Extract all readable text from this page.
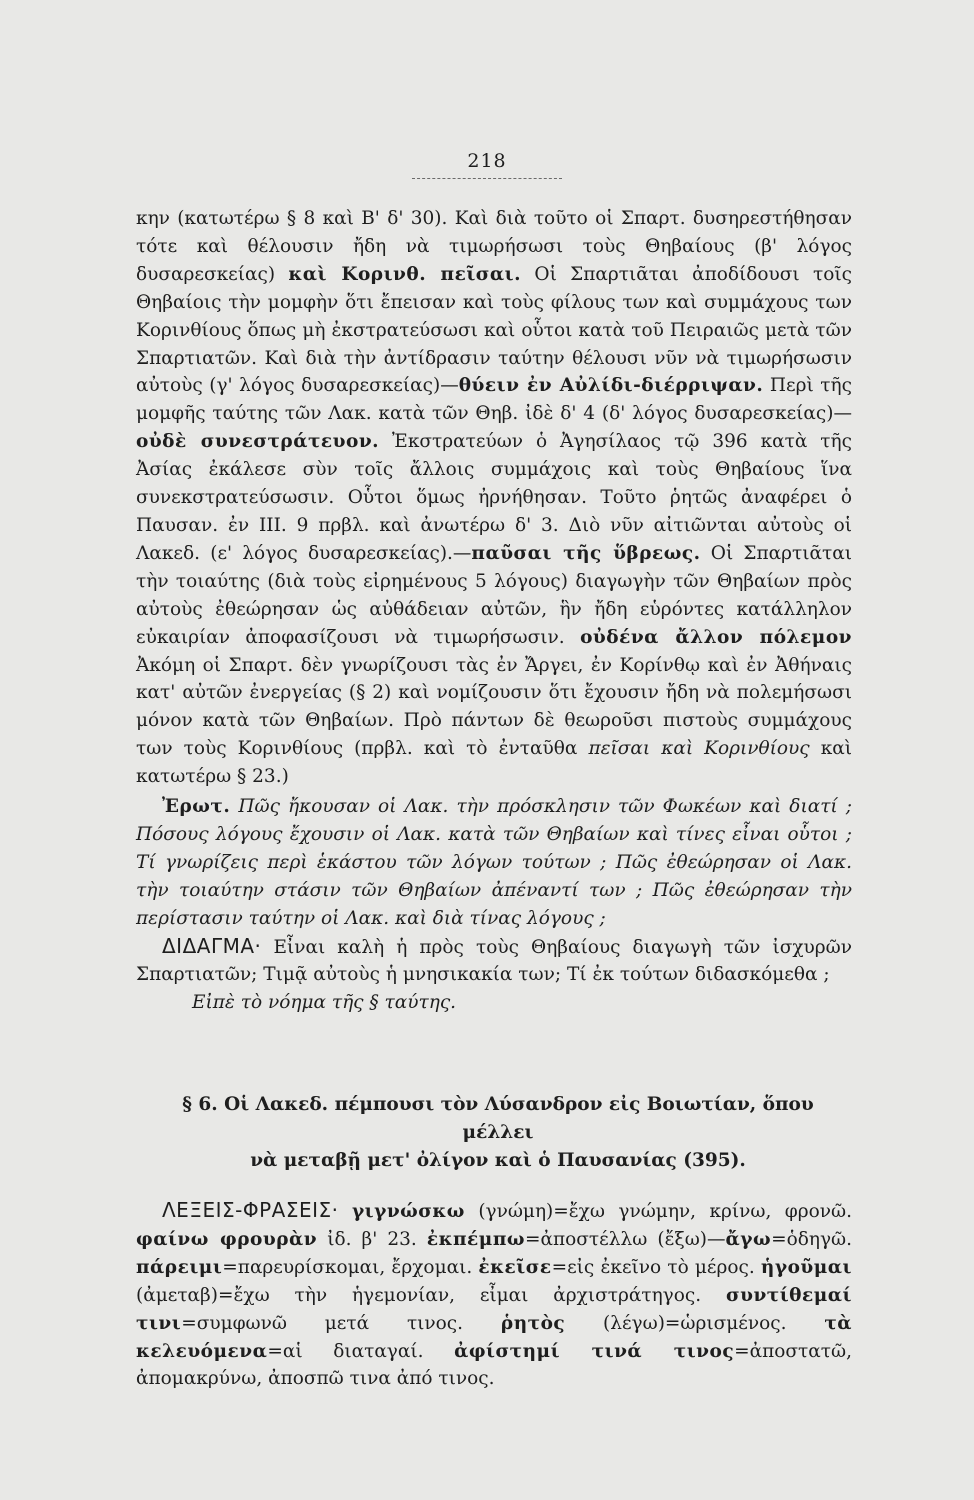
218

κην (κατωτέρω § 8 καὶ Β' δ' 30). Καὶ διὰ τοῦτο οἱ Σπαρτ. δυσηρεστήθησαν τότε καὶ θέλουσιν ἤδη νὰ τιμωρήσωσι τοὺς Θηβαίους (β' λόγος δυσαρεσκείας) καὶ Κορινθ. πεῖσαι. Οἱ Σπαρτιᾶται ἀποδίδουσι τοῖς Θηβαίοις τὴν μομφὴν ὅτι ἔπεισαν καὶ τοὺς φίλους των καὶ συμμάχους των Κορινθίους ὅπως μὴ ἐκστρατεύσωσι καὶ οὗτοι κατὰ τοῦ Πειραιῶς μετὰ τῶν Σπαρτιατῶν. Καὶ διὰ τὴν ἀντίδρασιν ταύτην θέλουσι νῦν νὰ τιμωρήσωσιν αὐτοὺς (γ' λόγος δυσαρεσκείας)—θύειν ἐν Αὐλίδι-διέρριψαν. Περὶ τῆς μομφῆς ταύτης τῶν Λακ. κατὰ τῶν Θηβ. ἰδὲ δ' 4 (δ' λόγος δυσαρεσκείας)—οὐδὲ συνεστράτευον. Ἐκστρατεύων ὁ Ἀγησίλαος τῷ 396 κατὰ τῆς Ἀσίας ἐκάλεσε σὺν τοῖς ἄλλοις συμμάχοις καὶ τοὺς Θηβαίους ἵνα συνεκστρατεύσωσιν. Οὗτοι ὅμως ἠρνήθησαν. Τοῦτο ῥητῶς ἀναφέρει ὁ Παυσαν. ἐν ΙΙΙ. 9 πρβλ. καὶ ἀνωτέρω δ' 3. Διὸ νῦν αἰτιῶνται αὐτοὺς οἱ Λακεδ. (ε' λόγος δυσαρεσκείας).—παῦσαι τῆς ὕβρεως. Οἱ Σπαρτιᾶται τὴν τοιαύτης (διὰ τοὺς εἰρημένους 5 λόγους) διαγωγὴν τῶν Θηβαίων πρὸς αὐτοὺς ἐθεώρησαν ὡς αὐθάδειαν αὐτῶν, ἣν ἤδη εὑρόντες κατάλληλον εὐκαιρίαν ἀποφασίζουσι νὰ τιμωρήσωσιν. οὐδένα ἄλλον πόλεμον Ἀκόμη οἱ Σπαρτ. δὲν γνωρίζουσι τὰς ἐν Ἄργει, ἐν Κορίνθῳ καὶ ἐν Ἀθήναις κατ' αὐτῶν ἐνεργείας (§ 2) καὶ νομίζουσιν ὅτι ἔχουσιν ἤδη νὰ πολεμήσωσι μόνον κατὰ τῶν Θηβαίων. Πρὸ πάντων δὲ θεωροῦσι πιστοὺς συμμάχους των τοὺς Κορινθίους (πρβλ. καὶ τὸ ἐνταῦθα πεῖσαι καὶ Κορινθίους καὶ κατωτέρω § 23.)

Ἐρωτ. Πῶς ἤκουσαν οἱ Λακ. τὴν πρόσκλησιν τῶν Φωκέων καὶ διατί ; Πόσους λόγους ἔχουσιν οἱ Λακ. κατὰ τῶν Θηβαίων καὶ τίνες εἶναι οὗτοι ; Τί γνωρίζεις περὶ ἑκάστου τῶν λόγων τούτων ; Πῶς ἐθεώρησαν οἱ Λακ. τὴν τοιαύτην στάσιν τῶν Θηβαίων ἀπέναντί των ; Πῶς ἐθεώρησαν τὴν περίστασιν ταύτην οἱ Λακ. καὶ διὰ τίνας λόγους ;

ΔΙΔΑΓΜΑ· Εἶναι καλὴ ἡ πρὸς τοὺς Θηβαίους διαγωγὴ τῶν ἰσχυρῶν Σπαρτιατῶν; Τιμᾷ αὐτοὺς ἡ μνησικακία των; Τί ἐκ τούτων διδασκόμεθα ;

Εἰπὲ τὸ νόημα τῆς § ταύτης.

§ 6. Οἱ Λακεδ. πέμπουσι τὸν Λύσανδρον εἰς Βοιωτίαν, ὅπου μέλλει
νὰ μεταβῇ μετ' ὀλίγον καὶ ὁ Παυσανίας (395).

ΛΕΞΕΙΣ-ΦΡΑΣΕΙΣ· γιγνώσκω (γνώμη)=ἔχω γνώμην, κρίνω, φρονῶ. φαίνω φρουρὰν ἰδ. β' 23. ἐκπέμπω=ἀποστέλλω (ἔξω)—ἄγω=ὁδηγῶ. πάρειμι=παρευρίσκομαι, ἔρχομαι. ἐκεῖσε=εἰς ἐκεῖνο τὸ μέρος. ἡγοῦμαι (ἀμεταβ)=ἔχω τὴν ἡγεμονίαν, εἶμαι ἀρχιστράτηγος. συντίθεμαί τινι=συμφωνῶ μετά τινος. ῥητὸς (λέγω)=ὡρισμένος. τὰ κελευόμενα=αἱ διαταγαί. ἀφίστημί τινά τινος=ἀποστατῶ, ἀπομακρύνω, ἀποσπῶ τινα ἀπό τινος.
